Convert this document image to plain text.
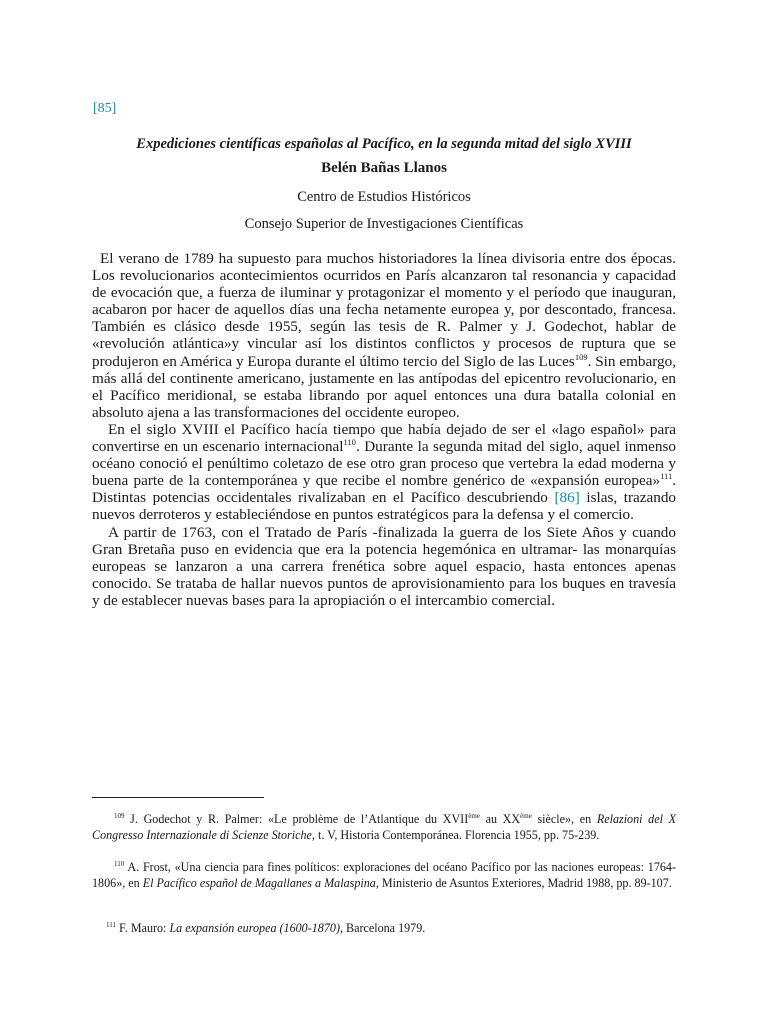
[85]
Expediciones científicas españolas al Pacífico, en la segunda mitad del siglo XVIII
Belén Bañas Llanos
Centro de Estudios Históricos
Consejo Superior de Investigaciones Científicas

El verano de 1789 ha supuesto para muchos historiadores la línea divisoria entre dos épocas. Los revolucionarios acontecimientos ocurridos en París alcanzaron tal resonancia y capacidad de evocación que, a fuerza de iluminar y protagonizar el momento y el período que inauguran, acabaron por hacer de aquellos días una fecha netamente europea y, por descontado, francesa. También es clásico desde 1955, según las tesis de R. Palmer y J. Godechot, hablar de «revolución atlántica»y vincular así los distintos conflictos y procesos de ruptura que se produjeron en América y Europa durante el último tercio del Siglo de las Luces$^{109}$. Sin embargo, más allá del continente americano, justamente en las antípodas del epicentro revolucionario, en el Pacífico meridional, se estaba librando por aquel entonces una dura batalla colonial en absoluto ajena a las transformaciones del occidente europeo.

En el siglo XVIII el Pacífico hacía tiempo que había dejado de ser el «lago español» para convertirse en un escenario internacional$^{110}$. Durante la segunda mitad del siglo, aquel inmenso océano conoció el penúltimo coletazo de ese otro gran proceso que vertebra la edad moderna y buena parte de la contemporánea y que recibe el nombre genérico de «expansión europea»$^{111}$. Distintas potencias occidentales rivalizaban en el Pacífico descubriendo [86] islas, trazando nuevos derroteros y estableciéndose en puntos estratégicos para la defensa y el comercio.

A partir de 1763, con el Tratado de París -finalizada la guerra de los Siete Años y cuando Gran Bretaña puso en evidencia que era la potencia hegemónica en ultramar- las monarquías europeas se lanzaron a una carrera frenética sobre aquel espacio, hasta entonces apenas conocido. Se trataba de hallar nuevos puntos de aprovisionamiento para los buques en travesía y de establecer nuevas bases para la apropiación o el intercambio comercial.

$^{109}$ J. Godechot y R. Palmer: «Le problème de l’Atlantique du XVIIème au XXème siècle», en Relazioni del X Congresso Internazionale di Scienze Storiche, t. V, Historia Contemporánea. Florencia 1955, pp. 75-239.
$^{110}$ A. Frost, «Una ciencia para fines políticos: exploraciones del océano Pacífico por las naciones europeas: 1764-1806», en El Pacífico español de Magallanes a Malaspina, Ministerio de Asuntos Exteriores, Madrid 1988, pp. 89-107.
$^{111}$ F. Mauro: La expansión europea (1600-1870), Barcelona 1979.
